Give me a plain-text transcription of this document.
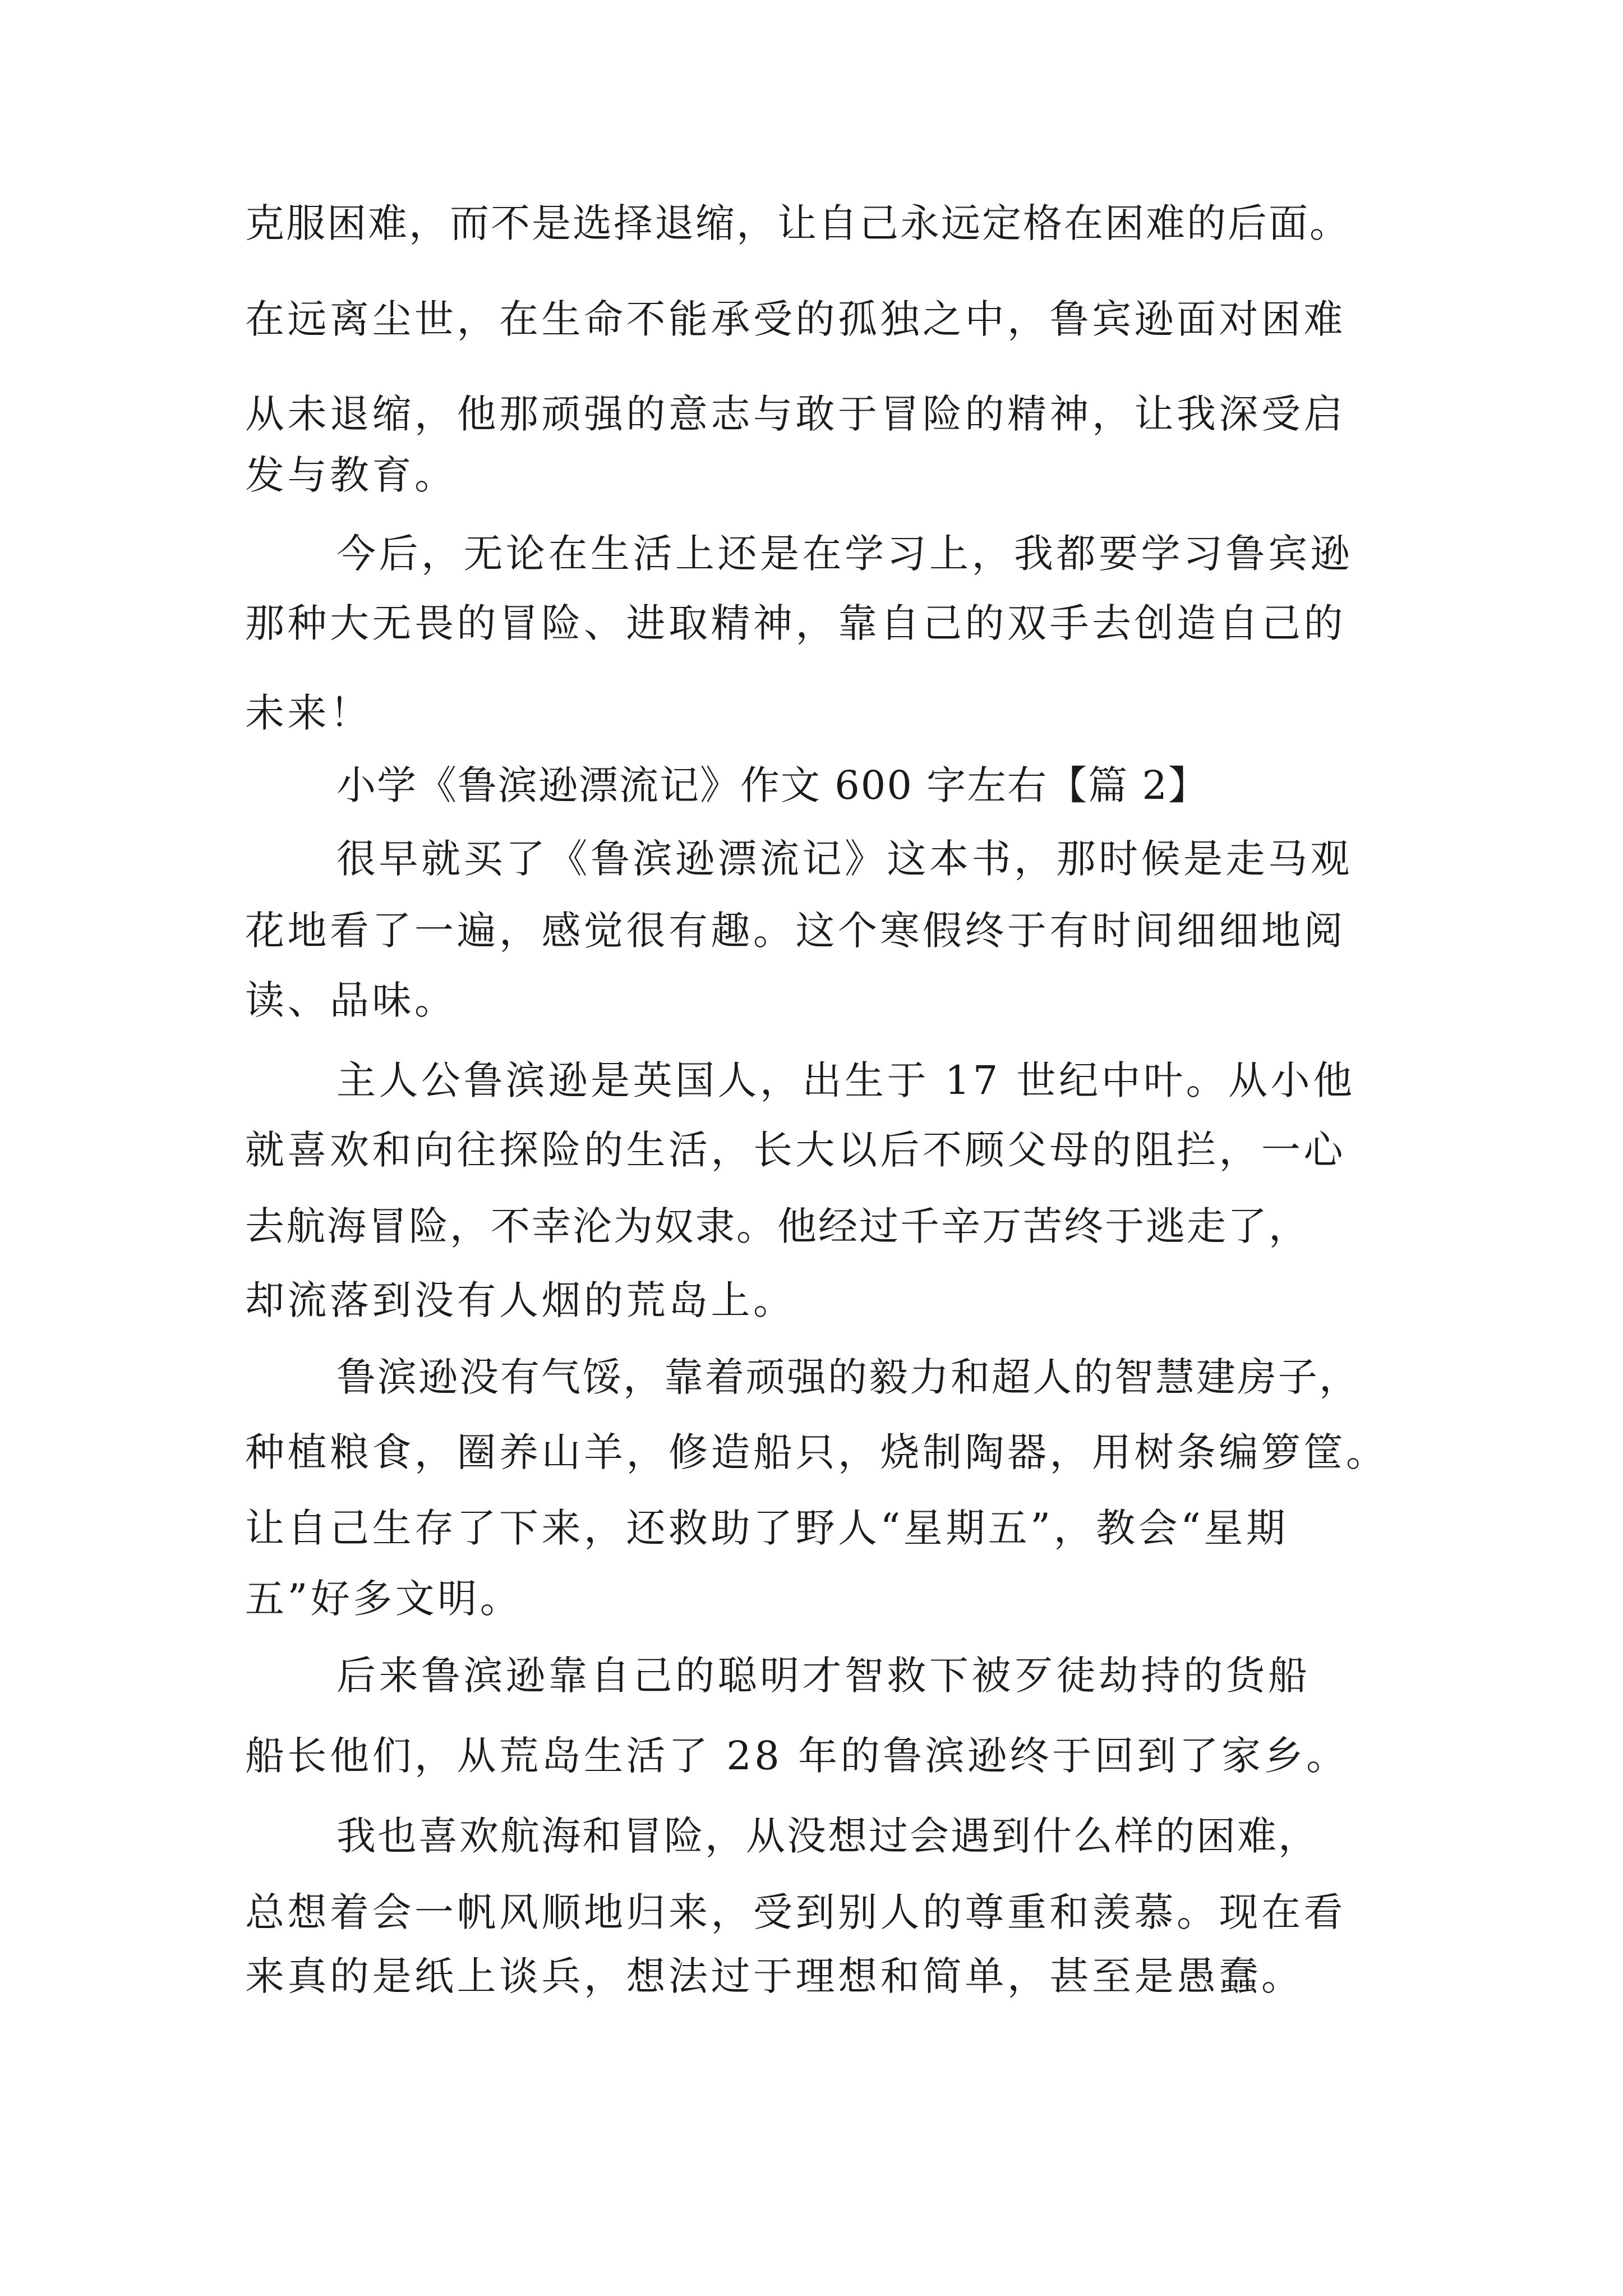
克服困难，而不是选择退缩，让自己永远定格在困难的后面。

在远离尘世，在生命不能承受的孤独之中，鲁宾逊面对困难

从未退缩，他那顽强的意志与敢于冒险的精神，让我深受启

发与教育。

今后，无论在生活上还是在学习上，我都要学习鲁宾逊

那种大无畏的冒险、进取精神，靠自己的双手去创造自己的

未来！

小学《鲁滨逊漂流记》作文 600 字左右【篇 2】

很早就买了《鲁滨逊漂流记》这本书，那时候是走马观

花地看了一遍，感觉很有趣。这个寒假终于有时间细细地阅

读、品味。

主人公鲁滨逊是英国人，出生于 17 世纪中叶。从小他

就喜欢和向往探险的生活，长大以后不顾父母的阻拦，一心

去航海冒险，不幸沦为奴隶。他经过千辛万苦终于逃走了，

却流落到没有人烟的荒岛上。

鲁滨逊没有气馁，靠着顽强的毅力和超人的智慧建房子，

种植粮食，圈养山羊，修造船只，烧制陶器，用树条编箩筐。

让自己生存了下来，还救助了野人“星期五”，教会“星期

五”好多文明。

后来鲁滨逊靠自己的聪明才智救下被歹徒劫持的货船

船长他们，从荒岛生活了 28 年的鲁滨逊终于回到了家乡。

我也喜欢航海和冒险，从没想过会遇到什么样的困难，

总想着会一帆风顺地归来，受到别人的尊重和羡慕。现在看

来真的是纸上谈兵，想法过于理想和简单，甚至是愚蠢。
